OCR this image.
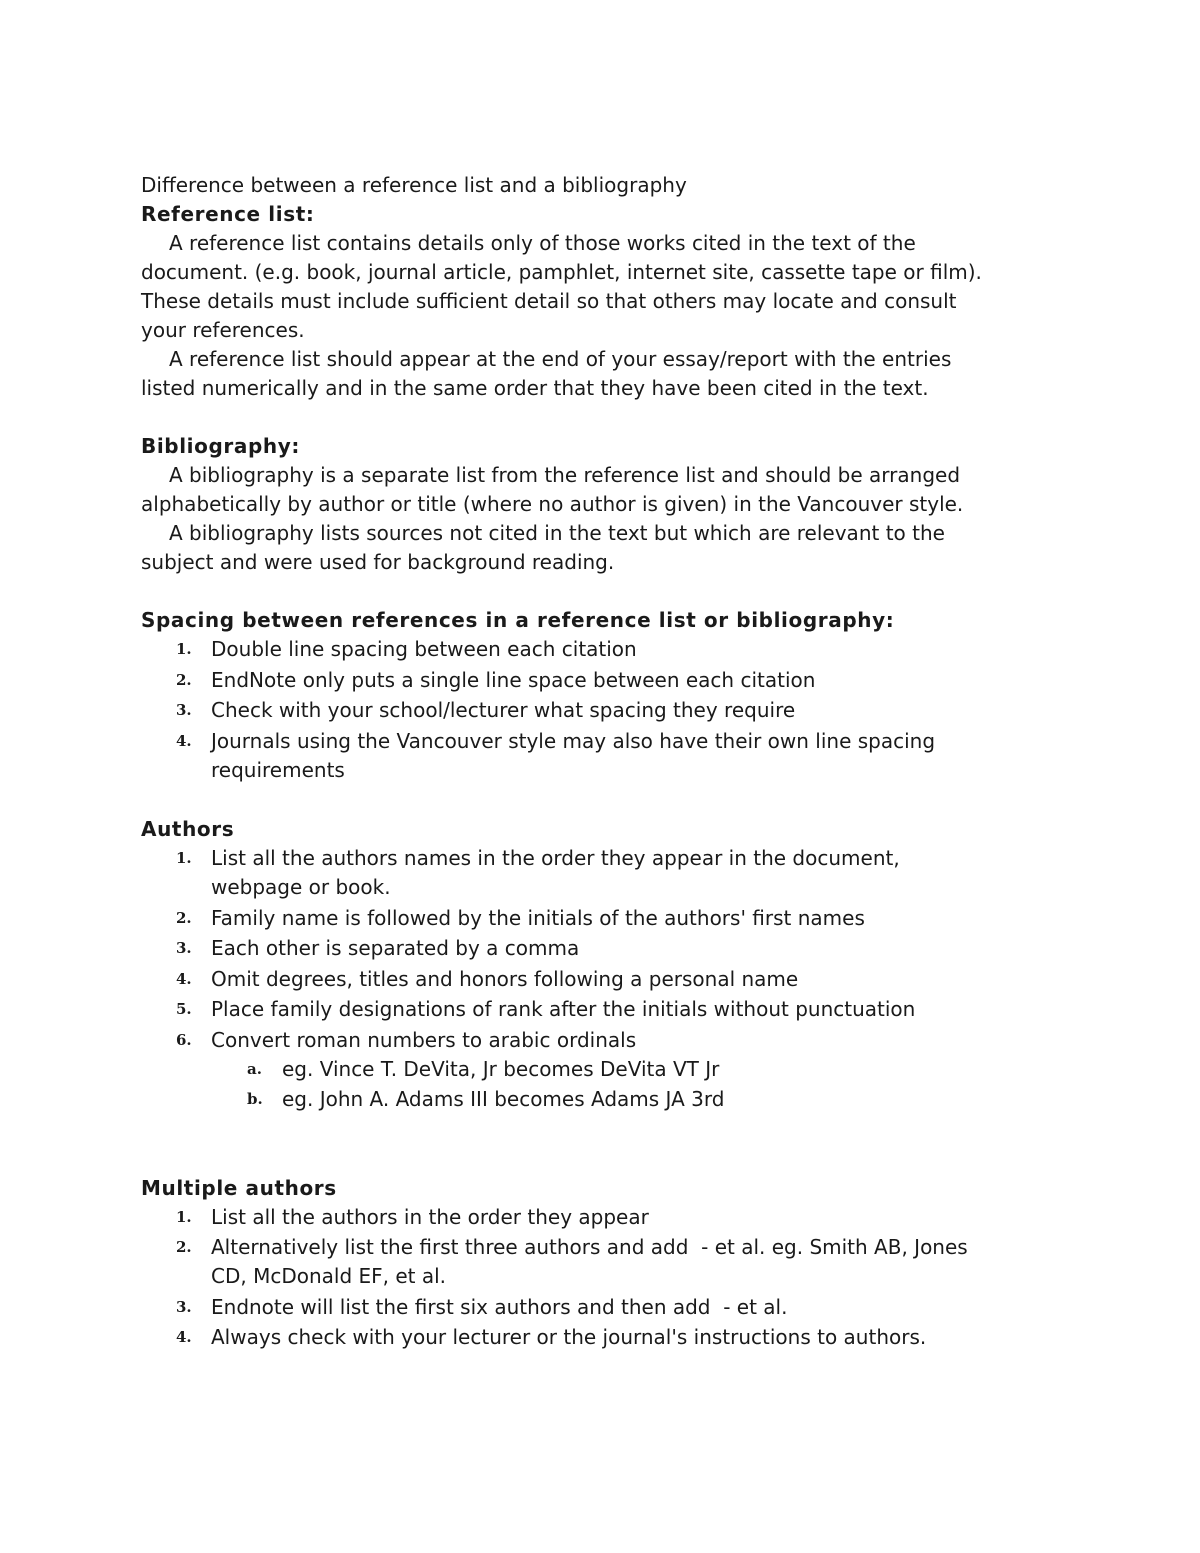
Difference between a reference list and a bibliography
Reference list:
A reference list contains details only of those works cited in the text of the
document. (e.g. book, journal article, pamphlet, internet site, cassette tape or film).
These details must include sufficient detail so that others may locate and consult
your references.
A reference list should appear at the end of your essay/report with the entries
listed numerically and in the same order that they have been cited in the text.
Bibliography:
A bibliography is a separate list from the reference list and should be arranged
alphabetically by author or title (where no author is given) in the Vancouver style.
A bibliography lists sources not cited in the text but which are relevant to the
subject and were used for background reading.
Spacing between references in a reference list or bibliography:
1. Double line spacing between each citation
2. EndNote only puts a single line space between each citation
3. Check with your school/lecturer what spacing they require
4. Journals using the Vancouver style may also have their own line spacing
requirements
Authors
1. List all the authors names in the order they appear in the document,
webpage or book.
2. Family name is followed by the initials of the authors' first names
3. Each other is separated by a comma
4. Omit degrees, titles and honors following a personal name
5. Place family designations of rank after the initials without punctuation
6. Convert roman numbers to arabic ordinals
a. eg. Vince T. DeVita, Jr becomes DeVita VT Jr
b. eg. John A. Adams III becomes Adams JA 3rd
Multiple authors
1. List all the authors in the order they appear
2. Alternatively list the first three authors and add  - et al. eg. Smith AB, Jones
CD, McDonald EF, et al.
3. Endnote will list the first six authors and then add  - et al.
4. Always check with your lecturer or the journal's instructions to authors.
